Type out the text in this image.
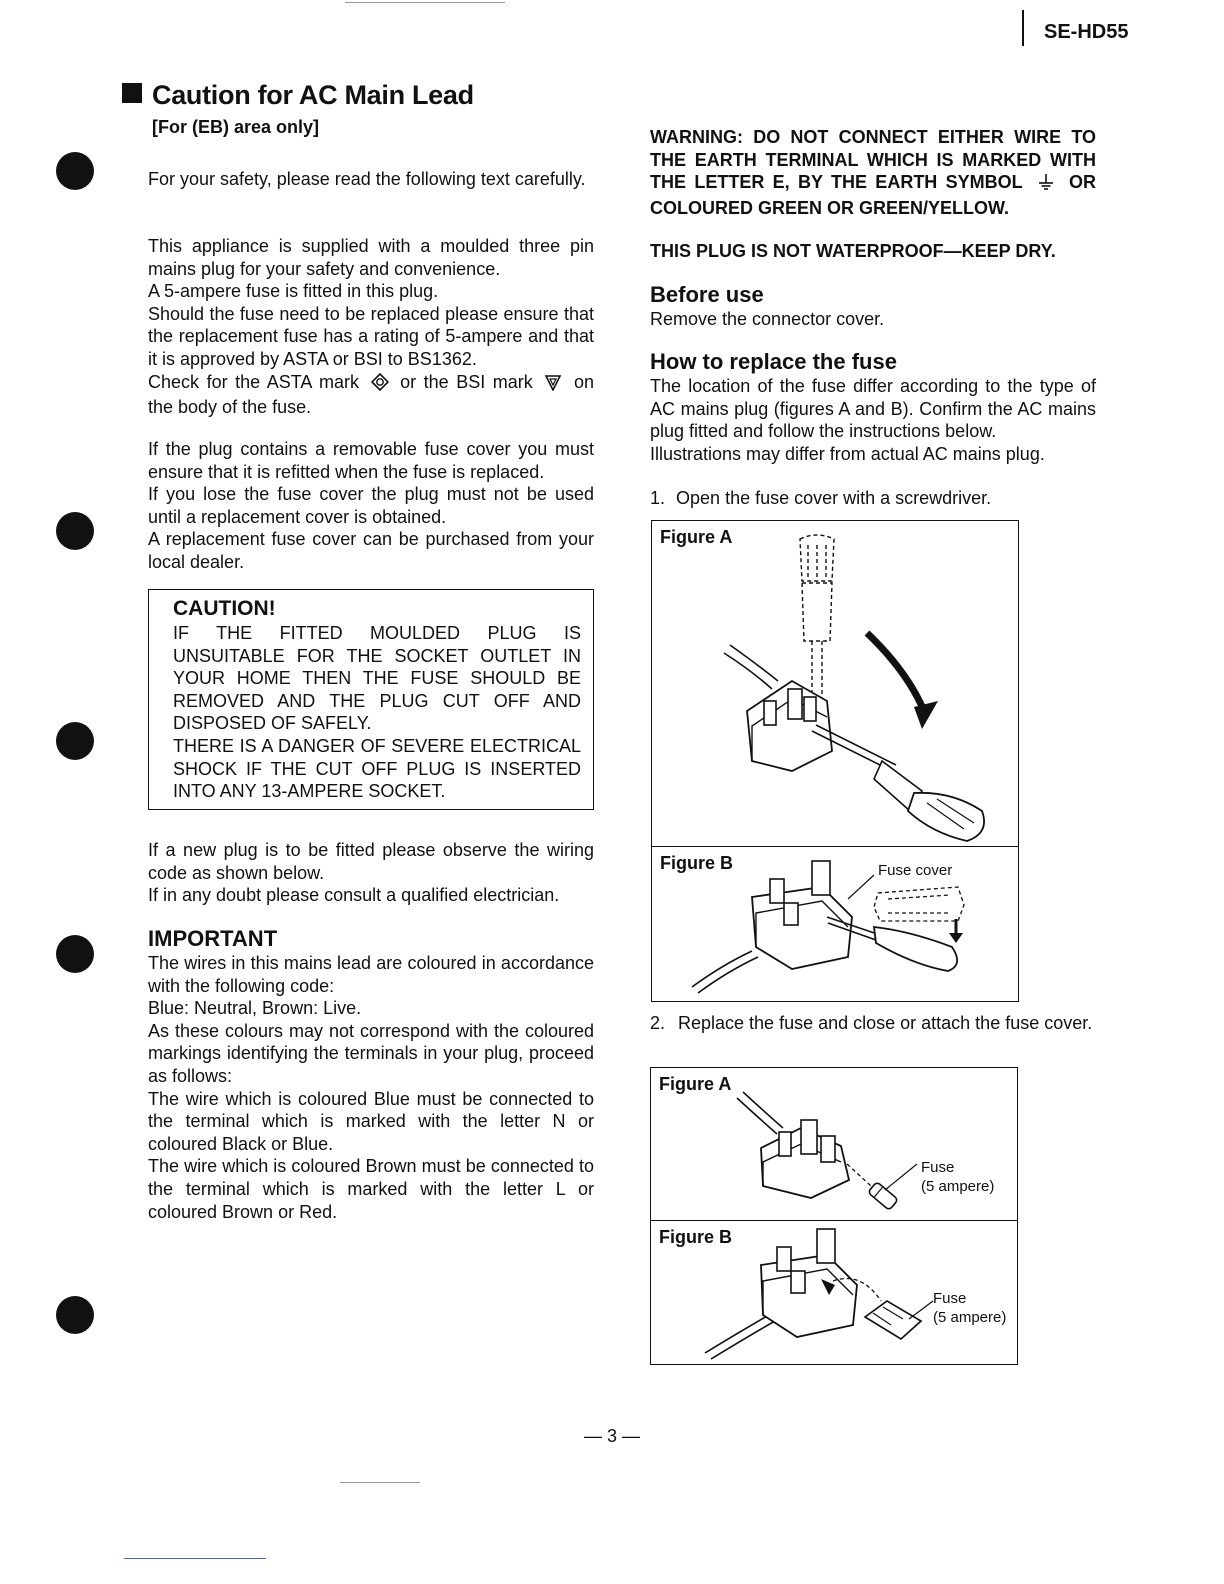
SE-HD55
Caution for AC Main Lead
[For (EB) area only]

For your safety, please read the following text carefully.

This appliance is supplied with a moulded three pin mains plug for your safety and convenience.

A 5-ampere fuse is fitted in this plug.

Should the fuse need to be replaced please ensure that the replacement fuse has a rating of 5-ampere and that it is approved by ASTA or BSI to BS1362.

Check for the ASTA mark or the BSI mark on the body of the fuse.

If the plug contains a removable fuse cover you must ensure that it is refitted when the fuse is replaced.

If you lose the fuse cover the plug must not be used until a replacement cover is obtained.

A replacement fuse cover can be purchased from your local dealer.

CAUTION!
IF THE FITTED MOULDED PLUG IS UNSUITABLE FOR THE SOCKET OUTLET IN YOUR HOME THEN THE FUSE SHOULD BE REMOVED AND THE PLUG CUT OFF AND DISPOSED OF SAFELY.
THERE IS A DANGER OF SEVERE ELECTRICAL SHOCK IF THE CUT OFF PLUG IS INSERTED INTO ANY 13-AMPERE SOCKET.

If a new plug is to be fitted please observe the wiring code as shown below.

If in any doubt please consult a qualified electrician.

IMPORTANT

The wires in this mains lead are coloured in accordance with the following code:

Blue: Neutral, Brown: Live.

As these colours may not correspond with the coloured markings identifying the terminals in your plug, proceed as follows:

The wire which is coloured Blue must be connected to the terminal which is marked with the letter N or coloured Black or Blue.

The wire which is coloured Brown must be connected to the terminal which is marked with the letter L or coloured Brown or Red.

WARNING: DO NOT CONNECT EITHER WIRE TO THE EARTH TERMINAL WHICH IS MARKED WITH THE LETTER E, BY THE EARTH SYMBOL	OR COLOURED GREEN OR GREEN/YELLOW.
THIS PLUG IS NOT WATERPROOF—KEEP DRY.
Before use
Remove the connector cover.
How to replace the fuse

The location of the fuse differ according to the type of AC mains plug (figures A and B). Confirm the AC mains plug fitted and follow the instructions below.

Illustrations may differ from actual AC mains plug.

1. Open the fuse cover with a screwdriver.
Figure A
Figure B	Fuse cover
2. Replace the fuse and close or attach the fuse cover.
Figure A
Fuse
(5 ampere)
Figure B
Fuse
(5 ampere)
— 3 —
